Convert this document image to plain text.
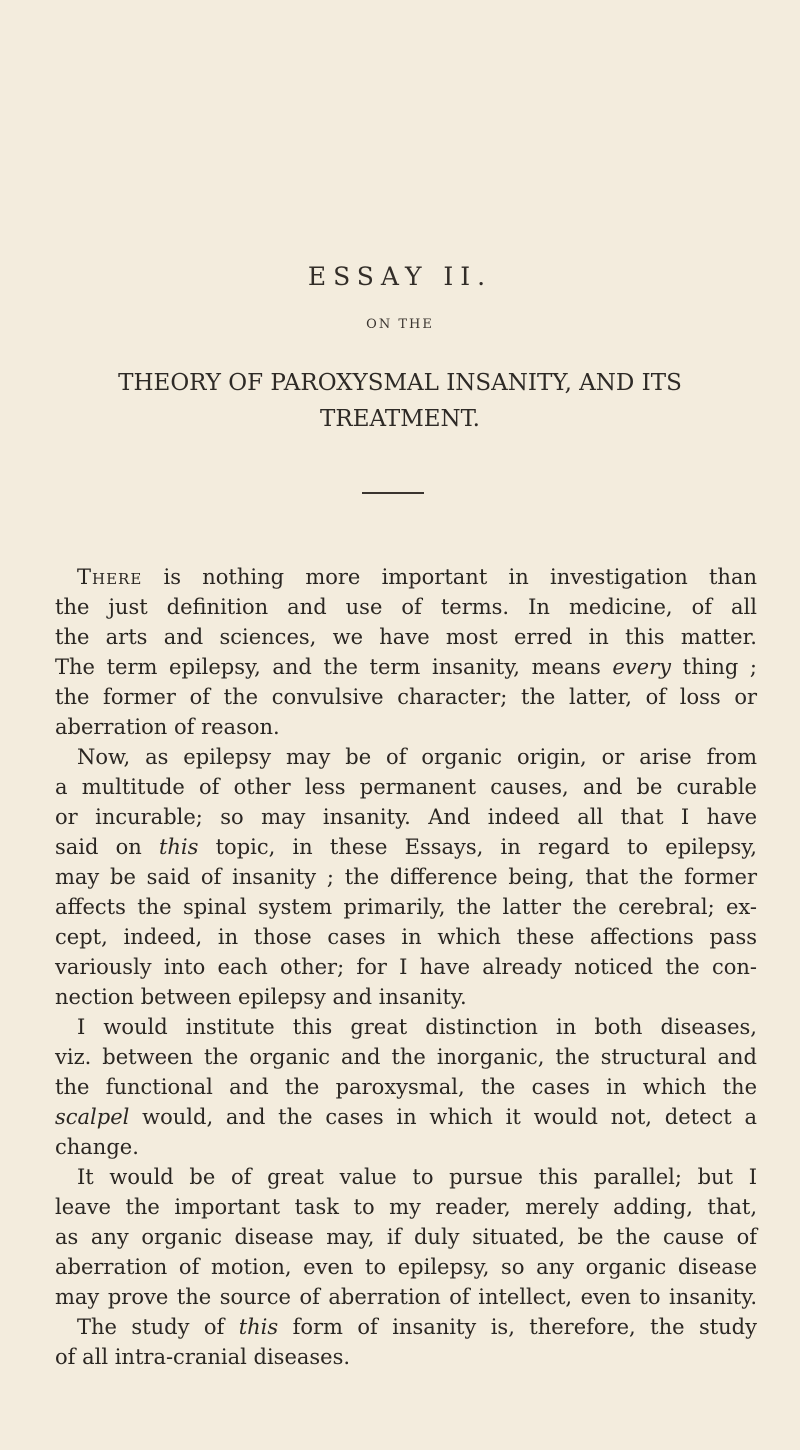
ESSAY II.
ON THE
THEORY OF PAROXYSMAL INSANITY, AND ITS
TREATMENT.
There is nothing more important in investigation than
the just definition and use of terms. In medicine, of all
the arts and sciences, we have most erred in this matter.
The term epilepsy, and the term insanity, means every thing ;
the former of the convulsive character; the latter, of loss or
aberration of reason.
Now, as epilepsy may be of organic origin, or arise from
a multitude of other less permanent causes, and be curable
or incurable; so may insanity. And indeed all that I have
said on this topic, in these Essays, in regard to epilepsy,
may be said of insanity ; the difference being, that the former
affects the spinal system primarily, the latter the cerebral; ex-
cept, indeed, in those cases in which these affections pass
variously into each other; for I have already noticed the con-
nection between epilepsy and insanity.
I would institute this great distinction in both diseases,
viz. between the organic and the inorganic, the structural and
the functional and the paroxysmal, the cases in which the
scalpel would, and the cases in which it would not, detect a
change.
It would be of great value to pursue this parallel; but I
leave the important task to my reader, merely adding, that,
as any organic disease may, if duly situated, be the cause of
aberration of motion, even to epilepsy, so any organic disease
may prove the source of aberration of intellect, even to insanity.
The study of this form of insanity is, therefore, the study
of all intra-cranial diseases.
